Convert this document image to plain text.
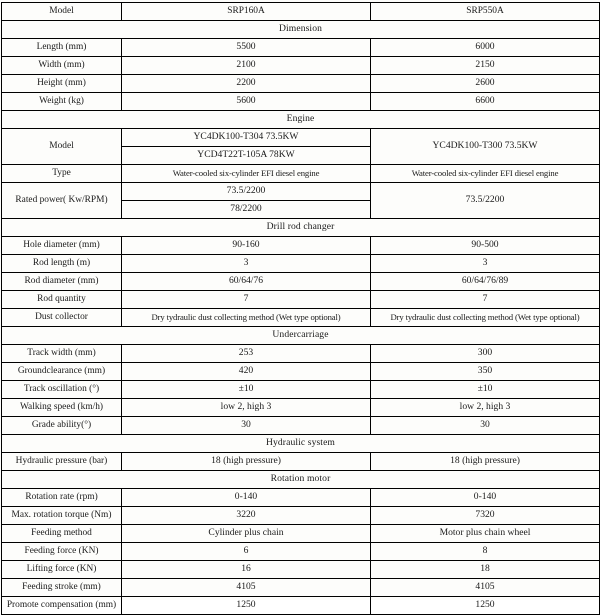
Model	SRP160A	SRP550A
Dimension		
Length (mm)	5500	6000
Width (mm)	2100	2150
Height (mm)	2200	2600
Weight (kg)	5600	6600
Engine		
Model	YC4DK100-T304 73.5KW	YC4DK100-T300 73.5KW
	YCD4T22T-105A 78KW	
Type	Water-cooled six-cylinder EFI diesel engine	Water-cooled six-cylinder EFI diesel engine
Rated power( Kw/RPM)	73.5/2200	73.5/2200
	78/2200	
Drill rod changer		
Hole diameter (mm)	90-160	90-500
Rod length (m)	3	3
Rod diameter (mm)	60/64/76	60/64/76/89
Rod quantity	7	7
Dust collector	Dry tydraulic dust collecting method (Wet type optional)	Dry tydraulic dust collecting method (Wet type optional)
Undercarriage		
Track width (mm)	253	300
Groundclearance (mm)	420	350
Track oscillation (°)	±10	±10
Walking speed (km/h)	low 2, high 3	low 2, high 3
Grade ability(°)	30	30
Hydraulic system		
Hydraulic pressure (bar)	18 (high pressure)	18 (high pressure)
Rotation motor		
Rotation rate (rpm)	0-140	0-140
Max. rotation torque (Nm)	3220	7320
Feeding method	Cylinder plus chain	Motor plus chain wheel
Feeding force (KN)	6	8
Lifting force (KN)	16	18
Feeding stroke (mm)	4105	4105
Promote compensation (mm)	1250	1250
